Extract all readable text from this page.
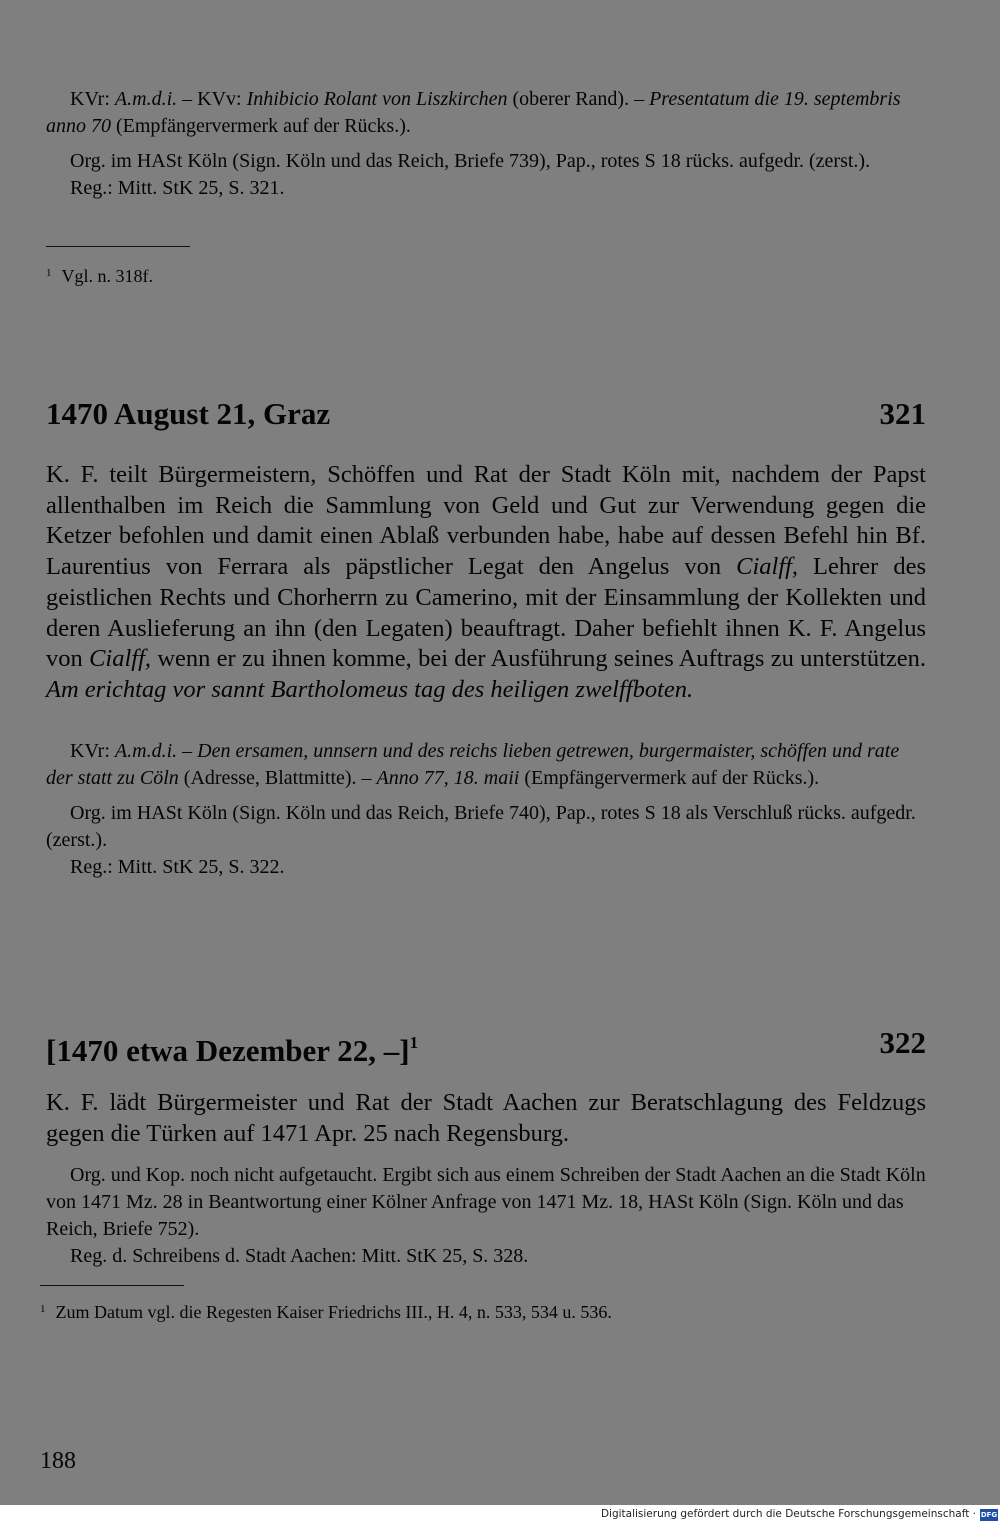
KVr: A.m.d.i. – KVv: Inhibicio Rolant von Liszkirchen (oberer Rand). – Presentatum die 19. septembris anno 70 (Empfängervermerk auf der Rücks.).

Org. im HASt Köln (Sign. Köln und das Reich, Briefe 739), Pap., rotes S 18 rücks. aufgedr. (zerst.).

Reg.: Mitt. StK 25, S. 321.

$^1$ Vgl. n. 318f.
1470 August 21, Graz	321

K. F. teilt Bürgermeistern, Schöffen und Rat der Stadt Köln mit, nachdem der Papst allenthalben im Reich die Sammlung von Geld und Gut zur Verwendung gegen die Ketzer befohlen und damit einen Ablaß verbunden habe, habe auf dessen Befehl hin Bf. Laurentius von Ferrara als päpstlicher Legat den Angelus von Cialff, Lehrer des geistlichen Rechts und Chorherrn zu Camerino, mit der Einsammlung der Kollekten und deren Auslieferung an ihn (den Legaten) beauftragt. Daher befiehlt ihnen K. F. Angelus von Cialff, wenn er zu ihnen komme, bei der Ausführung seines Auftrags zu unterstützen. Am erichtag vor sannt Bartholomeus tag des heiligen zwelffboten.

KVr: A.m.d.i. – Den ersamen, unnsern und des reichs lieben getrewen, burgermaister, schöffen und rate der statt zu Cöln (Adresse, Blattmitte). – Anno 77, 18. maii (Empfängervermerk auf der Rücks.).

Org. im HASt Köln (Sign. Köln und das Reich, Briefe 740), Pap., rotes S 18 als Verschluß rücks. aufgedr. (zerst.).

Reg.: Mitt. StK 25, S. 322.

[1470 etwa Dezember 22, –]$^1$	322

K. F. lädt Bürgermeister und Rat der Stadt Aachen zur Beratschlagung des Feldzugs gegen die Türken auf 1471 Apr. 25 nach Regensburg.

Org. und Kop. noch nicht aufgetaucht. Ergibt sich aus einem Schreiben der Stadt Aachen an die Stadt Köln von 1471 Mz. 28 in Beantwortung einer Kölner Anfrage von 1471 Mz. 18, HASt Köln (Sign. Köln und das Reich, Briefe 752).

Reg. d. Schreibens d. Stadt Aachen: Mitt. StK 25, S. 328.

$^1$ Zum Datum vgl. die Regesten Kaiser Friedrichs III., H. 4, n. 533, 534 u. 536.
188
Digitalisierung gefördert durch die Deutsche Forschungsgemeinschaft · DFG
